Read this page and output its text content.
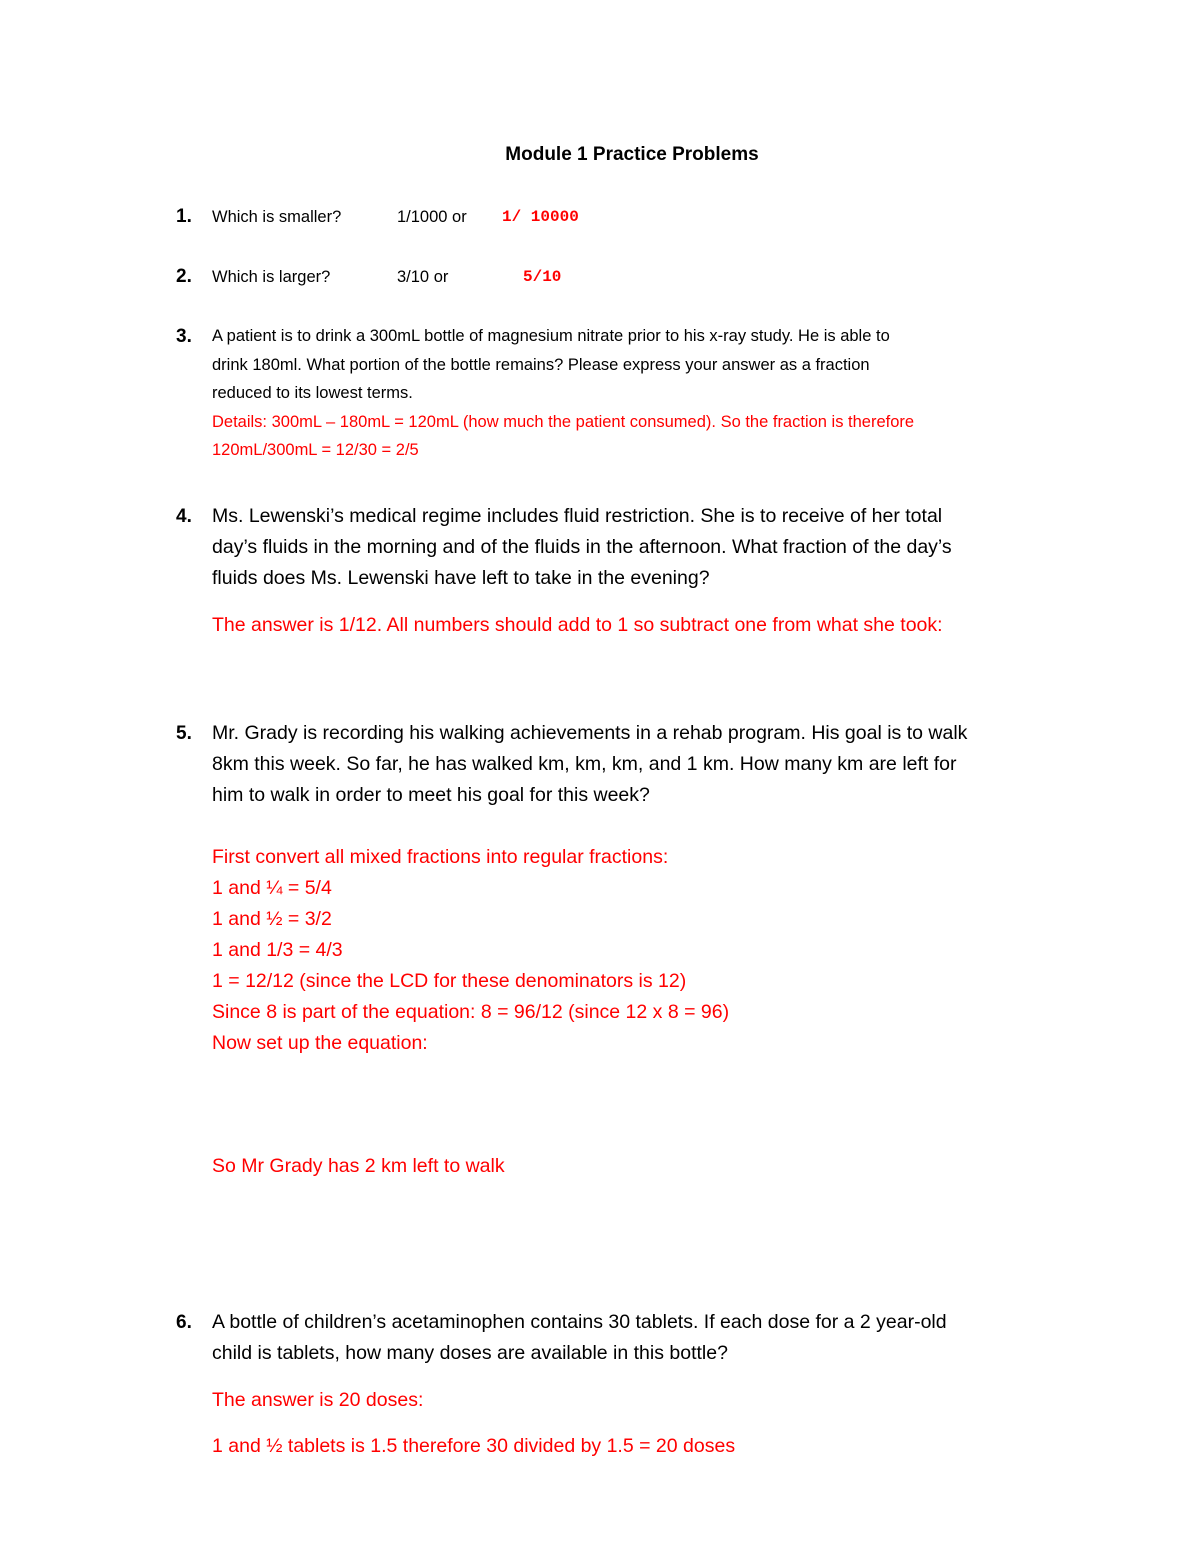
Module 1 Practice Problems
1. Which is smaller?	1/1000 or 1/ 10000
2. Which is larger?	3/10 or	5/10
3. A patient is to drink a 300mL bottle of magnesium nitrate prior to his x-ray study. He is able to
drink 180ml. What portion of the bottle remains? Please express your answer as a fraction
reduced to its lowest terms.
Details: 300mL – 180mL = 120mL (how much the patient consumed). So the fraction is therefore
120mL/300mL = 12/30 = 2/5
4. Ms. Lewenski’s medical regime includes fluid restriction. She is to receive of her total
day’s fluids in the morning and of the fluids in the afternoon. What fraction of the day’s
fluids does Ms. Lewenski have left to take in the evening?
The answer is 1/12. All numbers should add to 1 so subtract one from what she took:
5. Mr. Grady is recording his walking achievements in a rehab program. His goal is to walk
8km this week. So far, he has walked km, km, km, and 1 km. How many km are left for
him to walk in order to meet his goal for this week?
First convert all mixed fractions into regular fractions:
1 and ¼ = 5/4
1 and ½ = 3/2
1 and 1/3 = 4/3
1 = 12/12 (since the LCD for these denominators is 12)
Since 8 is part of the equation: 8 = 96/12 (since 12 x 8 = 96)
Now set up the equation:
So Mr Grady has 2 km left to walk
6. A bottle of children’s acetaminophen contains 30 tablets. If each dose for a 2 year-old
child is tablets, how many doses are available in this bottle?
The answer is 20 doses:
1 and ½ tablets is 1.5 therefore 30 divided by 1.5 = 20 doses
